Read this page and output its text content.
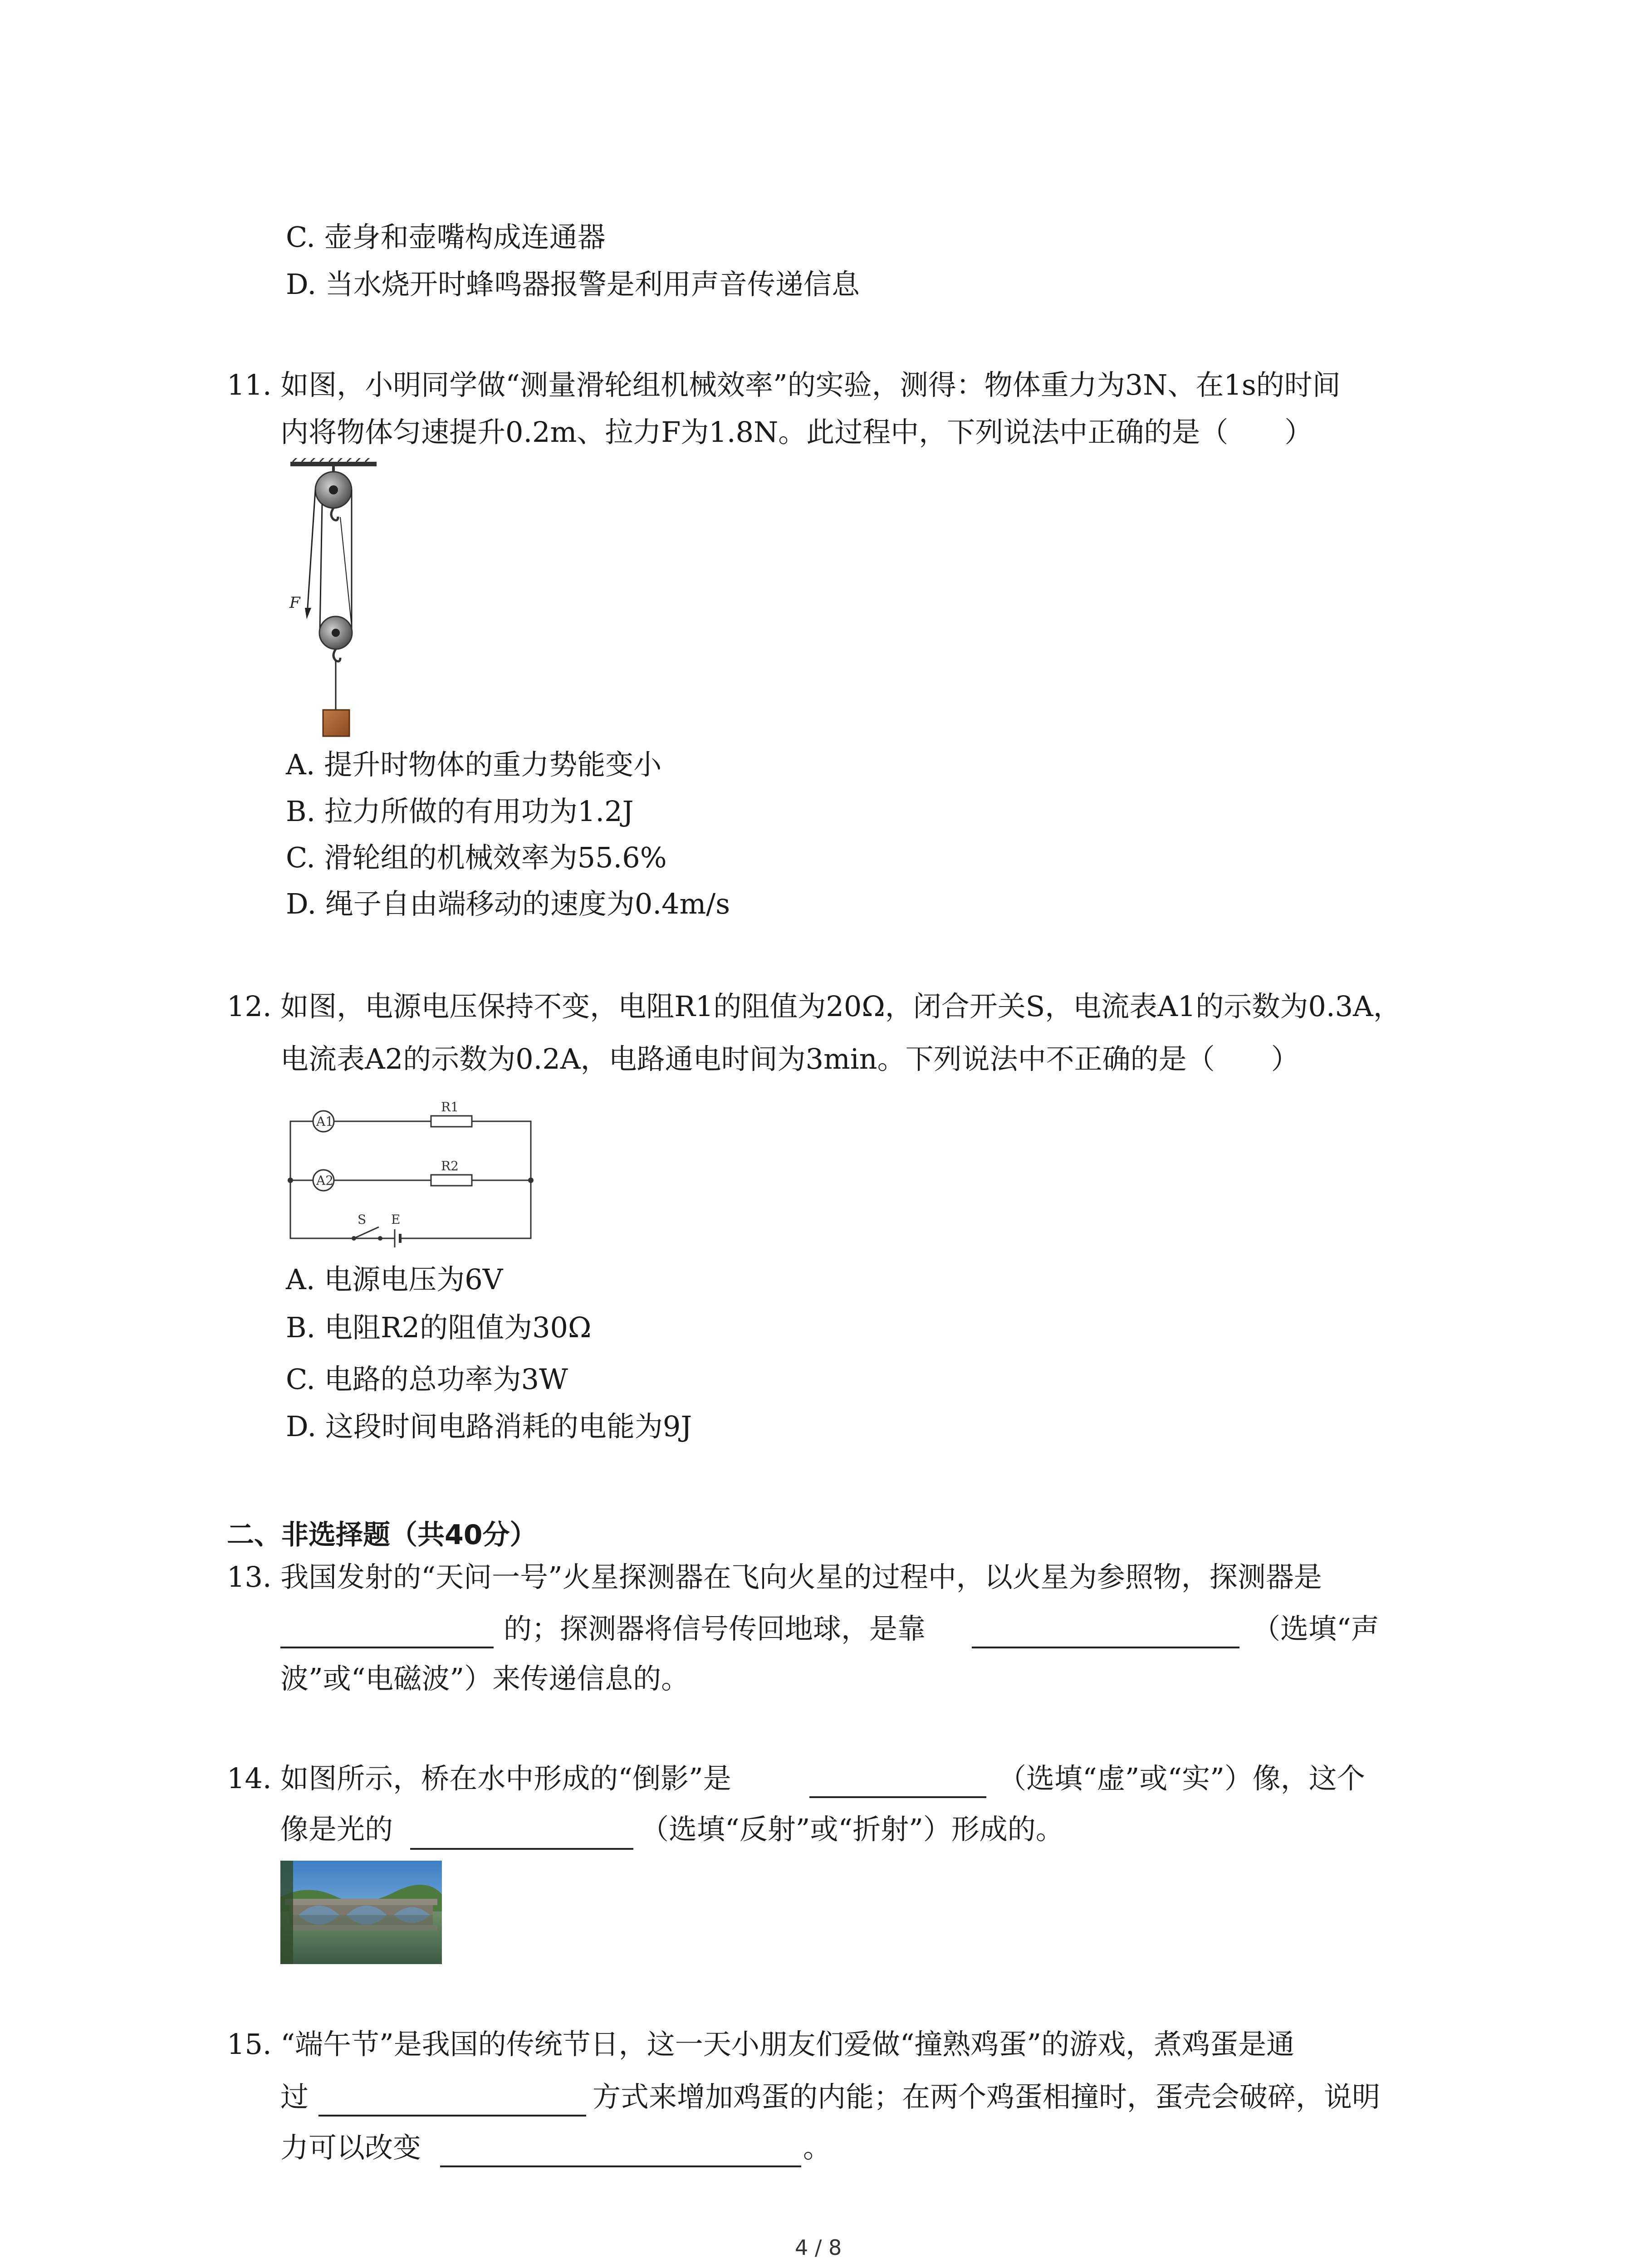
C. 壶身和壶嘴构成连通器
D. 当水烧开时蜂鸣器报警是利用声音传递信息
11. 如图，小明同学做“测量滑轮组机械效率”的实验，测得：物体重力为3N、在1s的时间
内将物体匀速提升0.2m、拉力F为1.8N。此过程中，下列说法中正确的是（　　）
F
A. 提升时物体的重力势能变小
B. 拉力所做的有用功为1.2J
C. 滑轮组的机械效率为55.6%
D. 绳子自由端移动的速度为0.4m/s
12. 如图，电源电压保持不变，电阻R1的阻值为20Ω，闭合开关S，电流表A1的示数为0.3A，
电流表A2的示数为0.2A，电路通电时间为3min。下列说法中不正确的是（　　）
A1
A2
R1
R2
S E
A. 电源电压为6V
B. 电阻R2的阻值为30Ω
C. 电路的总功率为3W
D. 这段时间电路消耗的电能为9J
二、非选择题（共40分）
13. 我国发射的“天问一号”火星探测器在飞向火星的过程中，以火星为参照物，探测器是
的；探测器将信号传回地球，是靠	（选填“声
波”或“电磁波”）来传递信息的。
14. 如图所示，桥在水中形成的“倒影”是	（选填“虚”或“实”）像，这个
像是光的	（选填“反射”或“折射”）形成的。
15. “端午节”是我国的传统节日，这一天小朋友们爱做“撞熟鸡蛋”的游戏，煮鸡蛋是通
过	方式来增加鸡蛋的内能；在两个鸡蛋相撞时，蛋壳会破碎，说明
力可以改变	。
4 / 8
